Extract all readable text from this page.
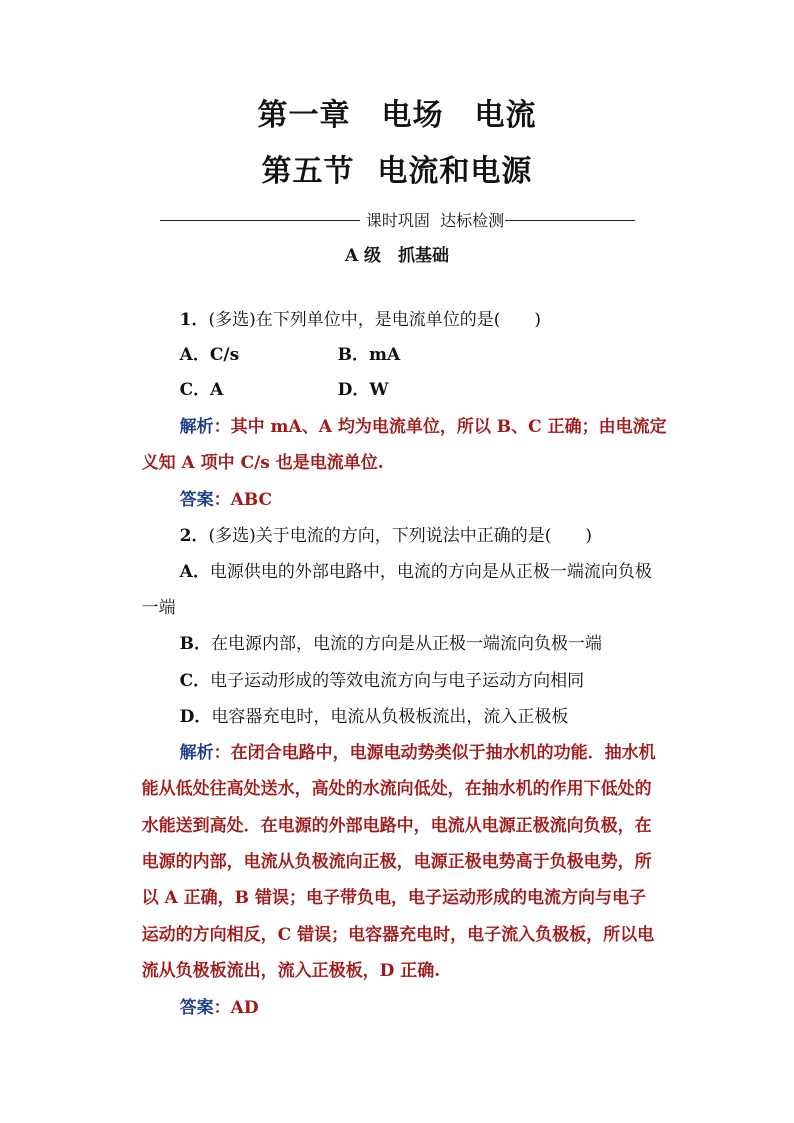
第一章　电场　电流
第五节  电流和电源
课时巩固  达标检测
A 级　抓基础

1．(多选)在下列单位中，是电流单位的是(　　)

A．C/s
	B．mA

C．A
	D．W

解析：其中 mA、A 均为电流单位，所以 B、C 正确；由电流定

义知 A 项中 C/s 也是电流单位.

答案：ABC

2．(多选)关于电流的方向，下列说法中正确的是(　　)

A．电源供电的外部电路中，电流的方向是从正极一端流向负极

一端

B．在电源内部，电流的方向是从正极一端流向负极一端

C．电子运动形成的等效电流方向与电子运动方向相同

D．电容器充电时，电流从负极板流出，流入正极板

解析：在闭合电路中，电源电动势类似于抽水机的功能．抽水机

能从低处往高处送水，高处的水流向低处，在抽水机的作用下低处的

水能送到高处．在电源的外部电路中，电流从电源正极流向负极，在

电源的内部，电流从负极流向正极，电源正极电势高于负极电势，所

以 A 正确，B 错误；电子带负电，电子运动形成的电流方向与电子

运动的方向相反，C 错误；电容器充电时，电子流入负极板，所以电

流从负极板流出，流入正极板，D 正确.

答案：AD
